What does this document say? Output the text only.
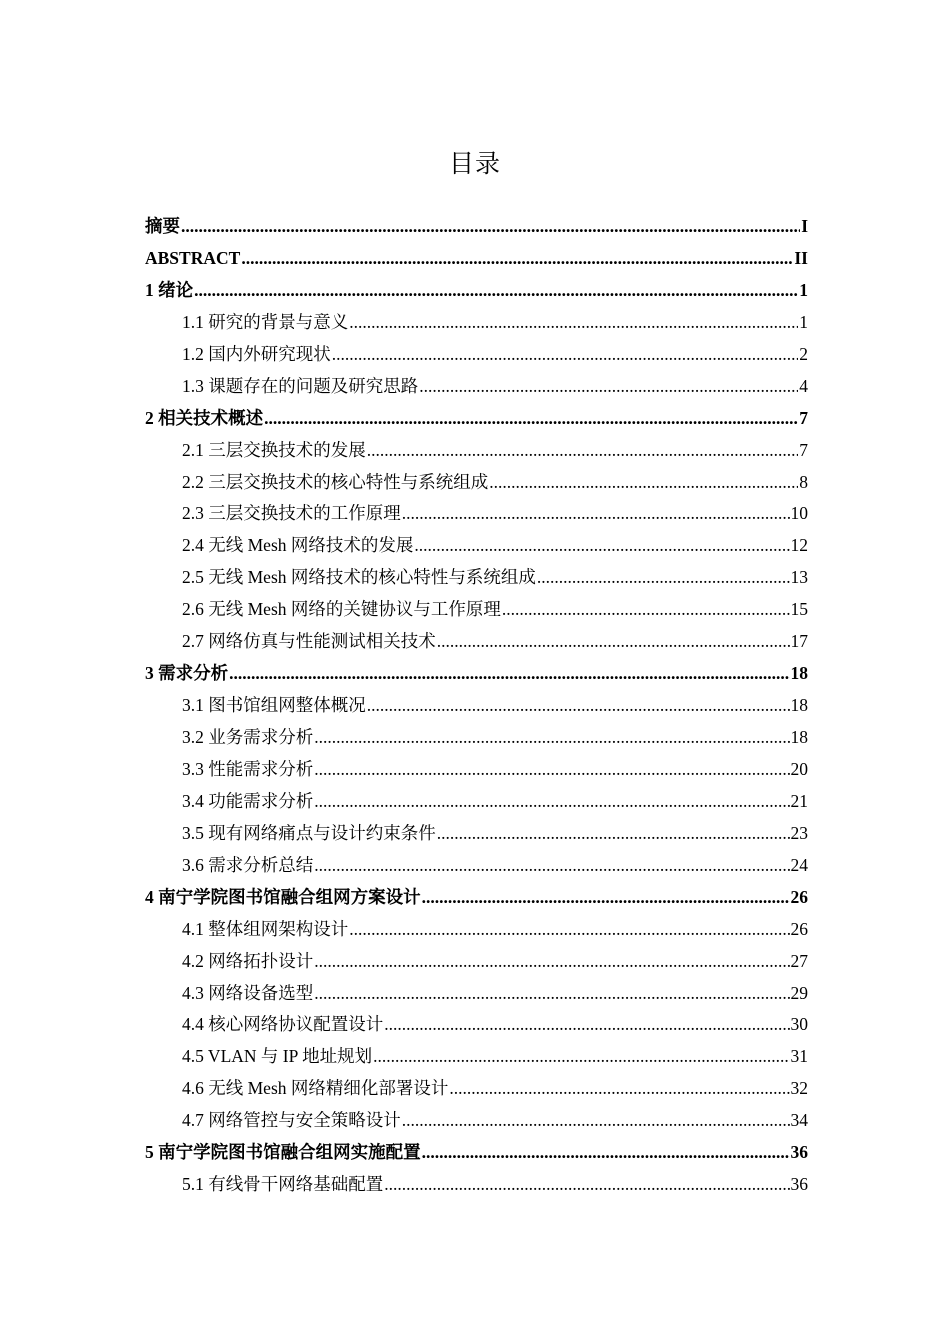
目录
摘要 .....	I
ABSTRACT .....	II
1 绪论 .....	1
1.1 研究的背景与意义 .....	1
1.2 国内外研究现状 .....	2
1.3 课题存在的问题及研究思路 .....	4
2 相关技术概述 .....	7
2.1 三层交换技术的发展 .....	7
2.2 三层交换技术的核心特性与系统组成 .....	8
2.3 三层交换技术的工作原理 .....	10
2.4 无线 Mesh 网络技术的发展 .....	12
2.5 无线 Mesh 网络技术的核心特性与系统组成 .....	13
2.6 无线 Mesh 网络的关键协议与工作原理 .....	15
2.7 网络仿真与性能测试相关技术 .....	17
3 需求分析 .....	18
3.1 图书馆组网整体概况 .....	18
3.2 业务需求分析 .....	18
3.3 性能需求分析 .....	20
3.4 功能需求分析 .....	21
3.5 现有网络痛点与设计约束条件 .....	23
3.6 需求分析总结 .....	24
4 南宁学院图书馆融合组网方案设计 .....	26
4.1 整体组网架构设计 .....	26
4.2 网络拓扑设计 .....	27
4.3 网络设备选型 .....	29
4.4 核心网络协议配置设计 .....	30
4.5 VLAN 与 IP 地址规划 .....	31
4.6 无线 Mesh 网络精细化部署设计 .....	32
4.7 网络管控与安全策略设计 .....	34
5 南宁学院图书馆融合组网实施配置 .....	36
5.1 有线骨干网络基础配置 .....	36
